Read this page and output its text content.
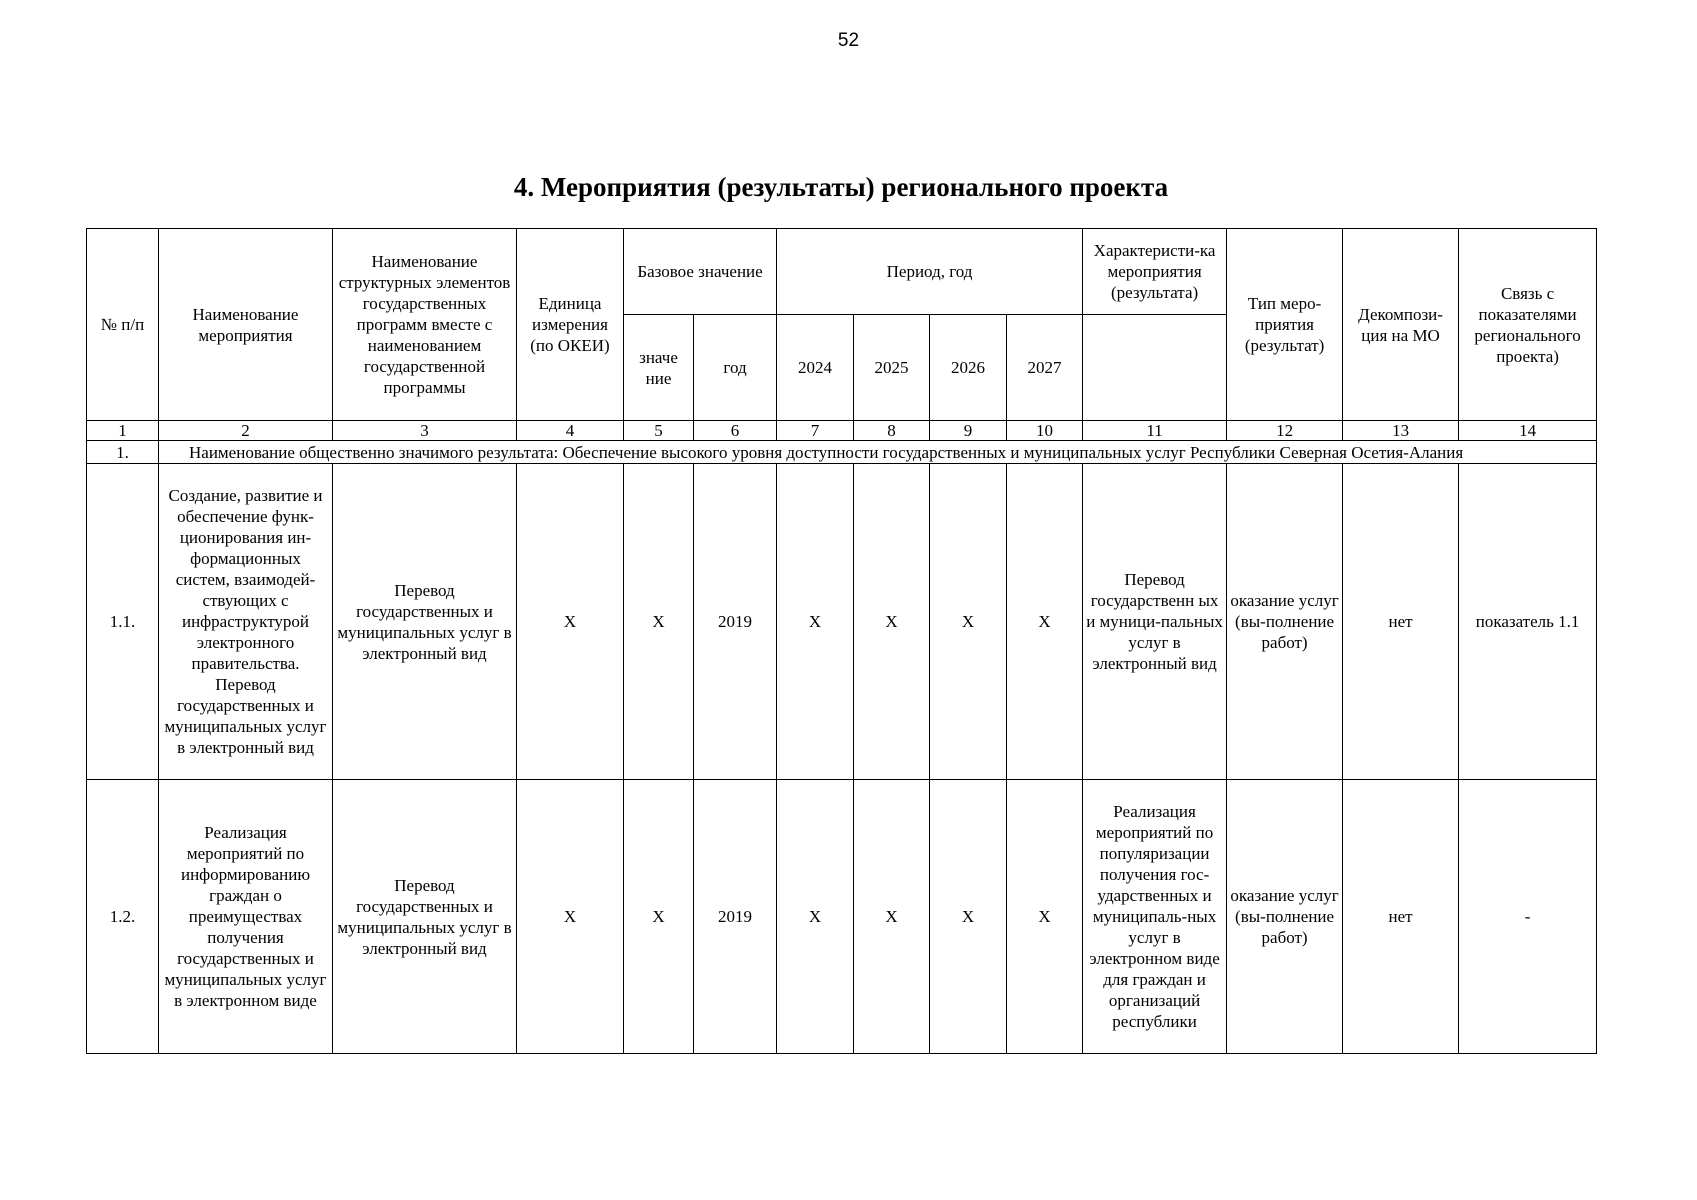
52
4. Мероприятия (результаты) регионального проекта
№ п/п	Наименование мероприятия	Наименование структурных элементов государственных программ вместе с наименованием государственной программы	Единица измерения (по ОКЕИ)	Базовое значение		Период, год				Характеристи-ка мероприятия (результата)	Тип меро-приятия (результат)	Декомпози-ция на МО	Связь с показателями регионального проекта)
				значе ние	год	2024	2025	2026	2027				
1	2	3	4	5	6	7	8	9	10	11	12	13	14
1.	Наименование общественно значимого результата: Обеспечение высокого уровня доступности государственных и муниципальных услуг Республики Северная Осетия-Алания												
1.1.	Создание, развитие и обеспечение функ-ционирования ин-формационных систем, взаимодей-ствующих с инфраструктурой электронного правительства. Перевод государственных и муниципальных услуг в электронный вид	Перевод государственных и муниципальных услуг в электронный вид	X	X	2019	X	X	X	X	Перевод государственн ых и муници-пальных услуг в электронный вид	оказание услуг (вы-полнение работ)	нет	показатель 1.1
1.2.	Реализация мероприятий по информированию граждан о преимуществах получения государственных и муниципальных услуг в электронном виде	Перевод государственных и муниципальных услуг в электронный вид	X	X	2019	X	X	X	X	Реализация мероприятий по популяризации получения гос-ударственных и муниципаль-ных услуг в электронном виде для граждан и организаций республики	оказание услуг (вы-полнение работ)	нет	-
